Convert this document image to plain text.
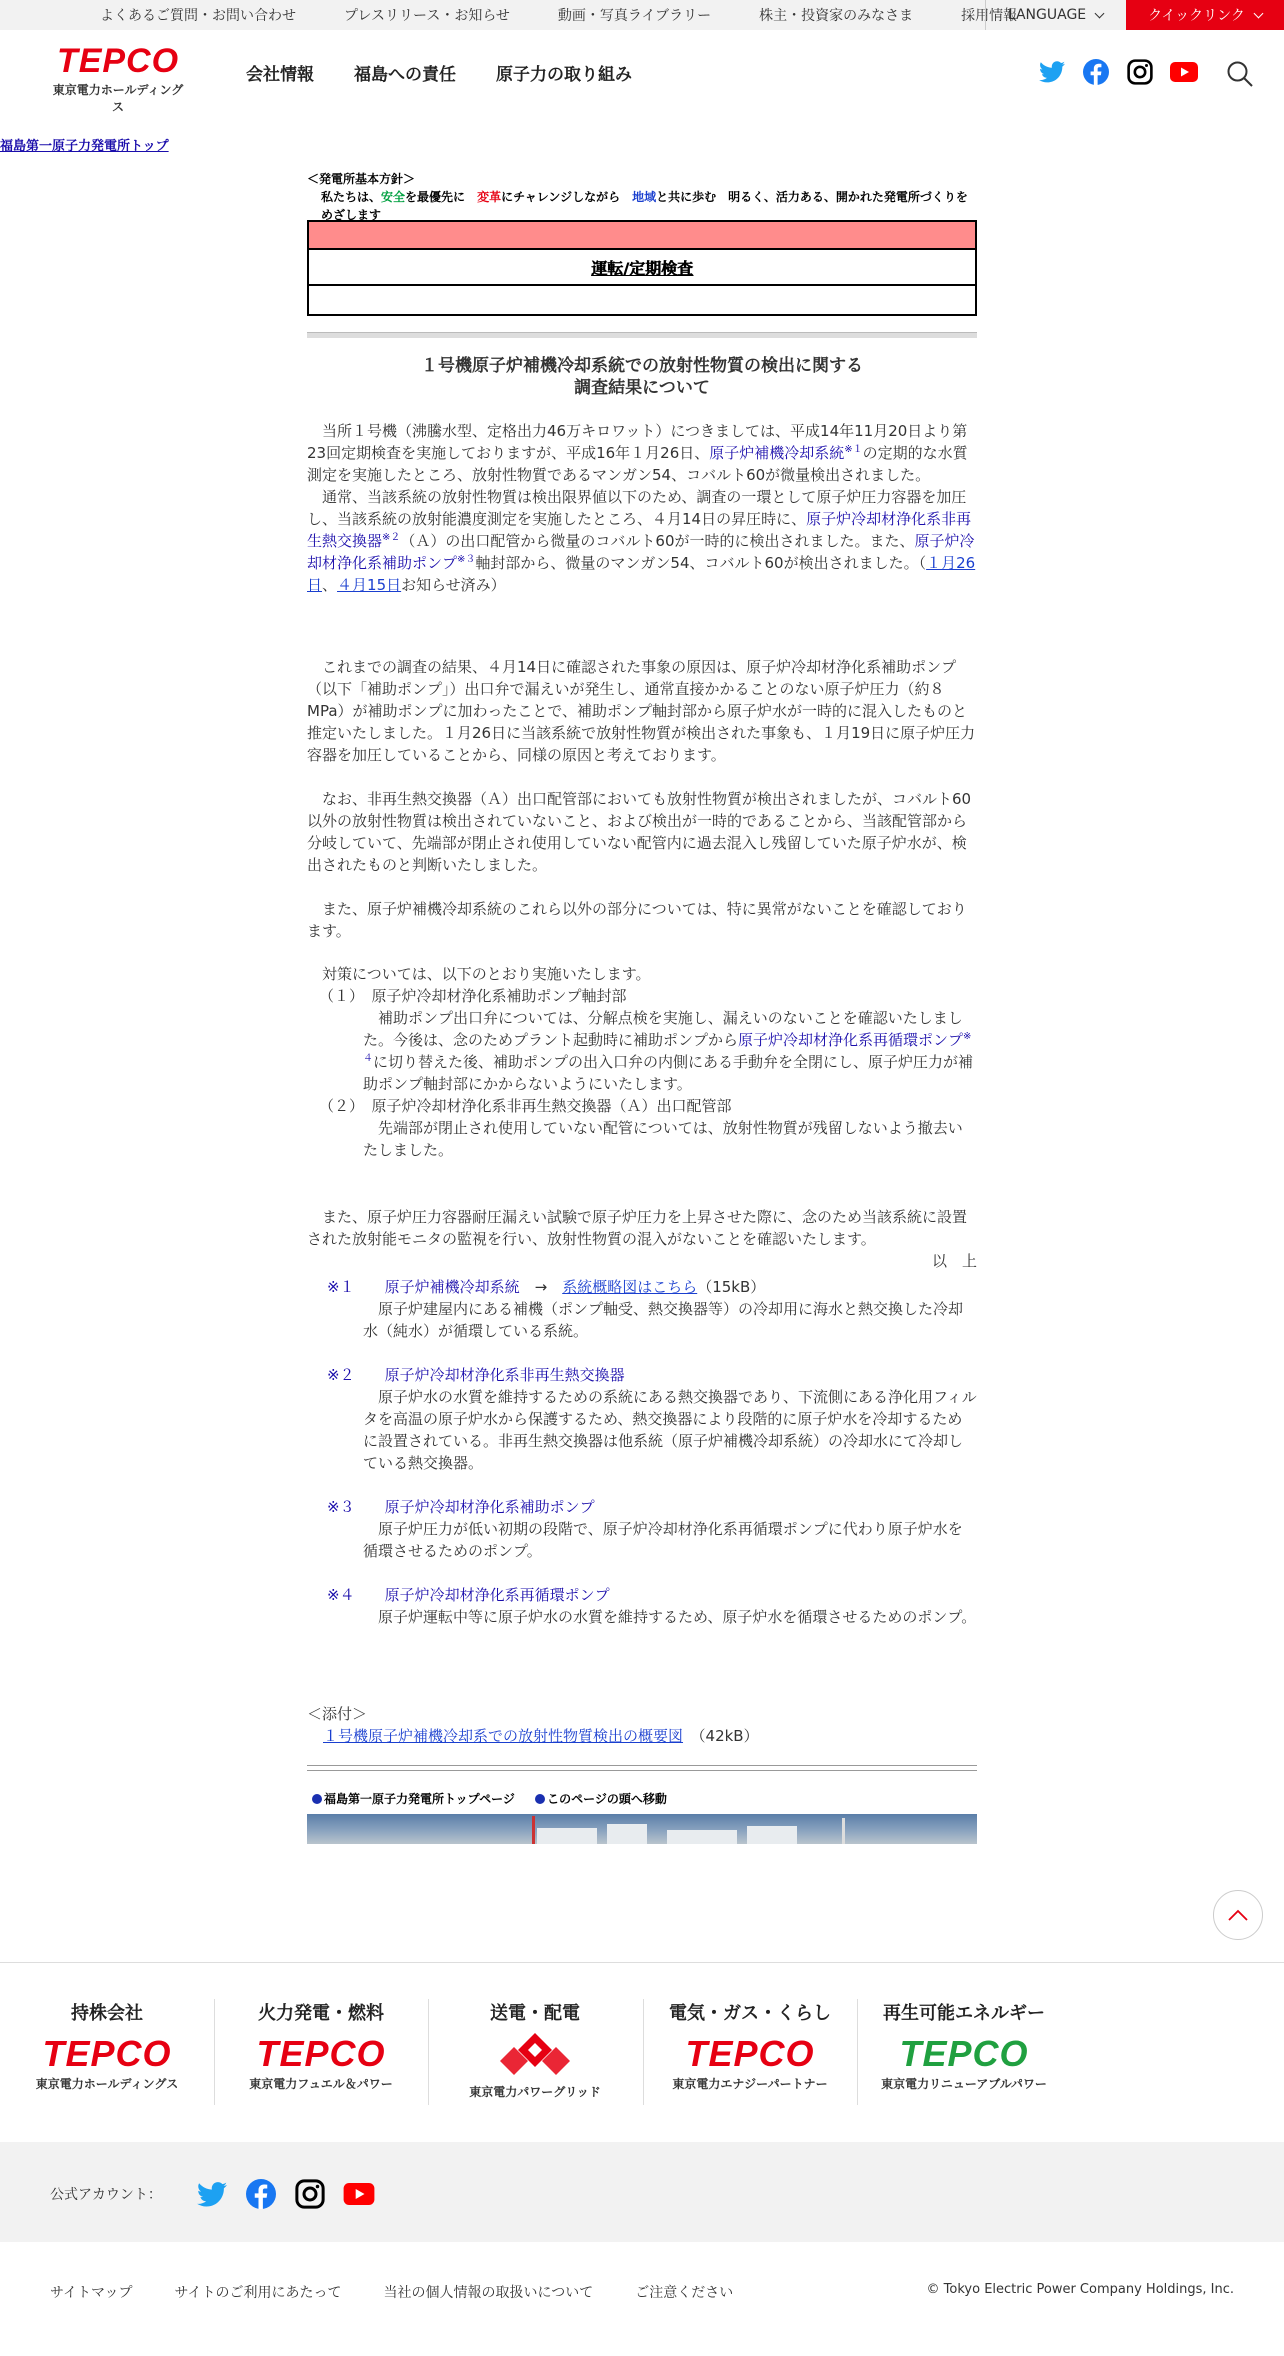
よくあるご質問・お問い合わせ	プレスリリース・お知らせ	動画・写真ライブラリー	株主・投資家のみなさま	採用情報
LANGUAGE	クイックリンク
TEPCO
東京電力ホールディングス
会社情報 福島への責任 原子力の取り組み
福島第一原子力発電所トップ
＜発電所基本方針＞
私たちは、安全を最優先に　 変革にチャレンジしながら　 地域と共に歩む　明るく、活力ある、開かれた発電所づくりをめざします
運転/定期検査
１号機原子炉補機冷却系統での放射性物質の検出に関する
調査結果について

当所１号機（沸騰水型、定格出力46万キロワット）につきましては、平成14年11月20日より第23回定期検査を実施しておりますが、平成16年１月26日、原子炉補機冷却系統$^{※1}$の定期的な水質測定を実施したところ、放射性物質であるマンガン54、コバルト60が微量検出されました。

通常、当該系統の放射性物質は検出限界値以下のため、調査の一環として原子炉圧力容器を加圧し、当該系統の放射能濃度測定を実施したところ、４月14日の昇圧時に、原子炉冷却材浄化系非再生熱交換器$^{※2}$（Ａ）の出口配管から微量のコバルト60が一時的に検出されました。また、原子炉冷却材浄化系補助ポンプ$^{※3}$軸封部から、微量のマンガン54、コバルト60が検出されました。（１月26日、４月15日お知らせ済み）

これまでの調査の結果、４月14日に確認された事象の原因は、原子炉冷却材浄化系補助ポンプ（以下「補助ポンプ」）出口弁で漏えいが発生し、通常直接かかることのない原子炉圧力（約８MPa）が補助ポンプに加わったことで、補助ポンプ軸封部から原子炉水が一時的に混入したものと推定いたしました。１月26日に当該系統で放射性物質が検出された事象も、１月19日に原子炉圧力容器を加圧していることから、同様の原因と考えております。

なお、非再生熱交換器（Ａ）出口配管部においても放射性物質が検出されましたが、コバルト60以外の放射性物質は検出されていないこと、および検出が一時的であることから、当該配管部から分岐していて、先端部が閉止され使用していない配管内に過去混入し残留していた原子炉水が、検出されたものと判断いたしました。

また、原子炉補機冷却系統のこれら以外の部分については、特に異常がないことを確認しております。

対策については、以下のとおり実施いたします。

（１）　原子炉冷却材浄化系補助ポンプ軸封部
補助ポンプ出口弁については、分解点検を実施し、漏えいのないことを確認いたしました。今後は、念のためプラント起動時に補助ポンプから原子炉冷却材浄化系再循環ポンプ$^{※4}$に切り替えた後、補助ポンプの出入口弁の内側にある手動弁を全閉にし、原子炉圧力が補助ポンプ軸封部にかからないようにいたします。
（２）　原子炉冷却材浄化系非再生熱交換器（Ａ）出口配管部
先端部が閉止され使用していない配管については、放射性物質が残留しないよう撤去いたしました。

また、原子炉圧力容器耐圧漏えい試験で原子炉圧力を上昇させた際に、念のため当該系統に設置された放射能モニタの監視を行い、放射性物質の混入がないことを確認いたします。

以　上
※１　　原子炉補機冷却系統　 →　 系統概略図はこちら（15kB）
原子炉建屋内にある補機（ポンプ軸受、熱交換器等）の冷却用に海水と熱交換した冷却水（純水）が循環している系統。
※２　　原子炉冷却材浄化系非再生熱交換器
原子炉水の水質を維持するための系統にある熱交換器であり、下流側にある浄化用フィルタを高温の原子炉水から保護するため、熱交換器により段階的に原子炉水を冷却するために設置されている。非再生熱交換器は他系統（原子炉補機冷却系統）の冷却水にて冷却している熱交換器。
※３　　原子炉冷却材浄化系補助ポンプ
原子炉圧力が低い初期の段階で、原子炉冷却材浄化系再循環ポンプに代わり原子炉水を循環させるためのポンプ。
※４　　原子炉冷却材浄化系再循環ポンプ
原子炉運転中等に原子炉水の水質を維持するため、原子炉水を循環させるためのポンプ。
＜添付＞
１号機原子炉補機冷却系での放射性物質検出の概要図　 （42kB）
福島第一原子力発電所トップページ	このページの頭へ移動
持株会社
TEPCO
東京電力ホールディングス
火力発電・燃料
TEPCO
東京電力フュエル＆パワー
送電・配電
東京電力パワーグリッド
電気・ガス・くらし
TEPCO
東京電力エナジーパートナー
再生可能エネルギー
TEPCO
東京電力リニューアブルパワー
公式アカウント：
サイトマップ	サイトのご利用にあたって	当社の個人情報の取扱いについて	ご注意ください	© Tokyo Electric Power Company Holdings, Inc.
